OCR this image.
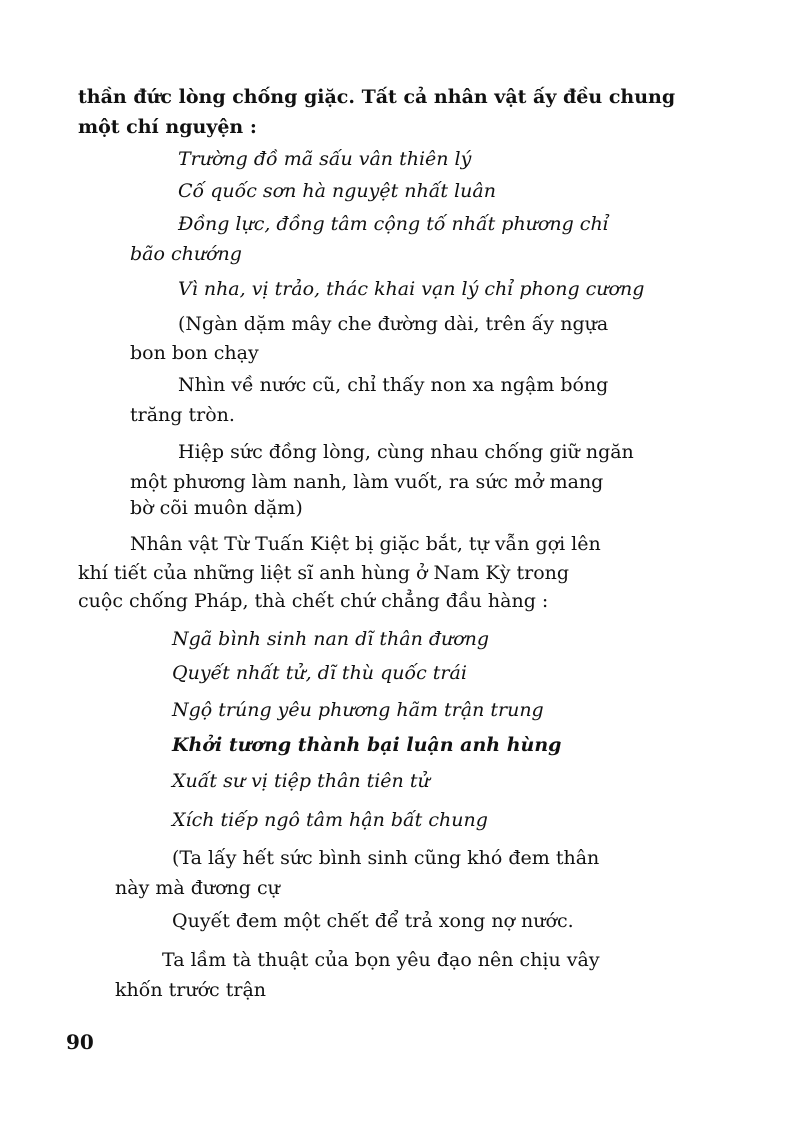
thần đức lòng chống giặc. Tất cả nhân vật ấy đều chung
một chí nguyện :
Trường đồ mã sấu vân thiên lý
Cố quốc sơn hà nguyệt nhất luân
Đồng lực, đồng tâm cộng tố nhất phương chỉ
bão chướng
Vì nha, vị trảo, thác khai vạn lý chỉ phong cương
(Ngàn dặm mây che đường dài, trên ấy ngựa
bon bon chạy
Nhìn về nước cũ, chỉ thấy non xa ngậm bóng
trăng tròn.
Hiệp sức đồng lòng, cùng nhau chống giữ ngăn
một phương làm nanh, làm vuốt, ra sức mở mang
bờ cõi muôn dặm)
Nhân vật Từ Tuấn Kiệt bị giặc bắt, tự vẫn gợi lên
khí tiết của những liệt sĩ anh hùng ở Nam Kỳ trong
cuộc chống Pháp, thà chết chứ chẳng đầu hàng :
Ngã bình sinh nan dĩ thân đương
Quyết nhất tử, dĩ thù quốc trái
Ngộ trúng yêu phương hãm trận trung
Khởi tương thành bại luận anh hùng
Xuất sư vị tiệp thân tiên tử
Xích tiếp ngô tâm hận bất chung
(Ta lấy hết sức bình sinh cũng khó đem thân
này mà đương cự
Quyết đem một chết để trả xong nợ nước.
Ta lầm tà thuật của bọn yêu đạo nên chịu vây
khốn trước trận
90
